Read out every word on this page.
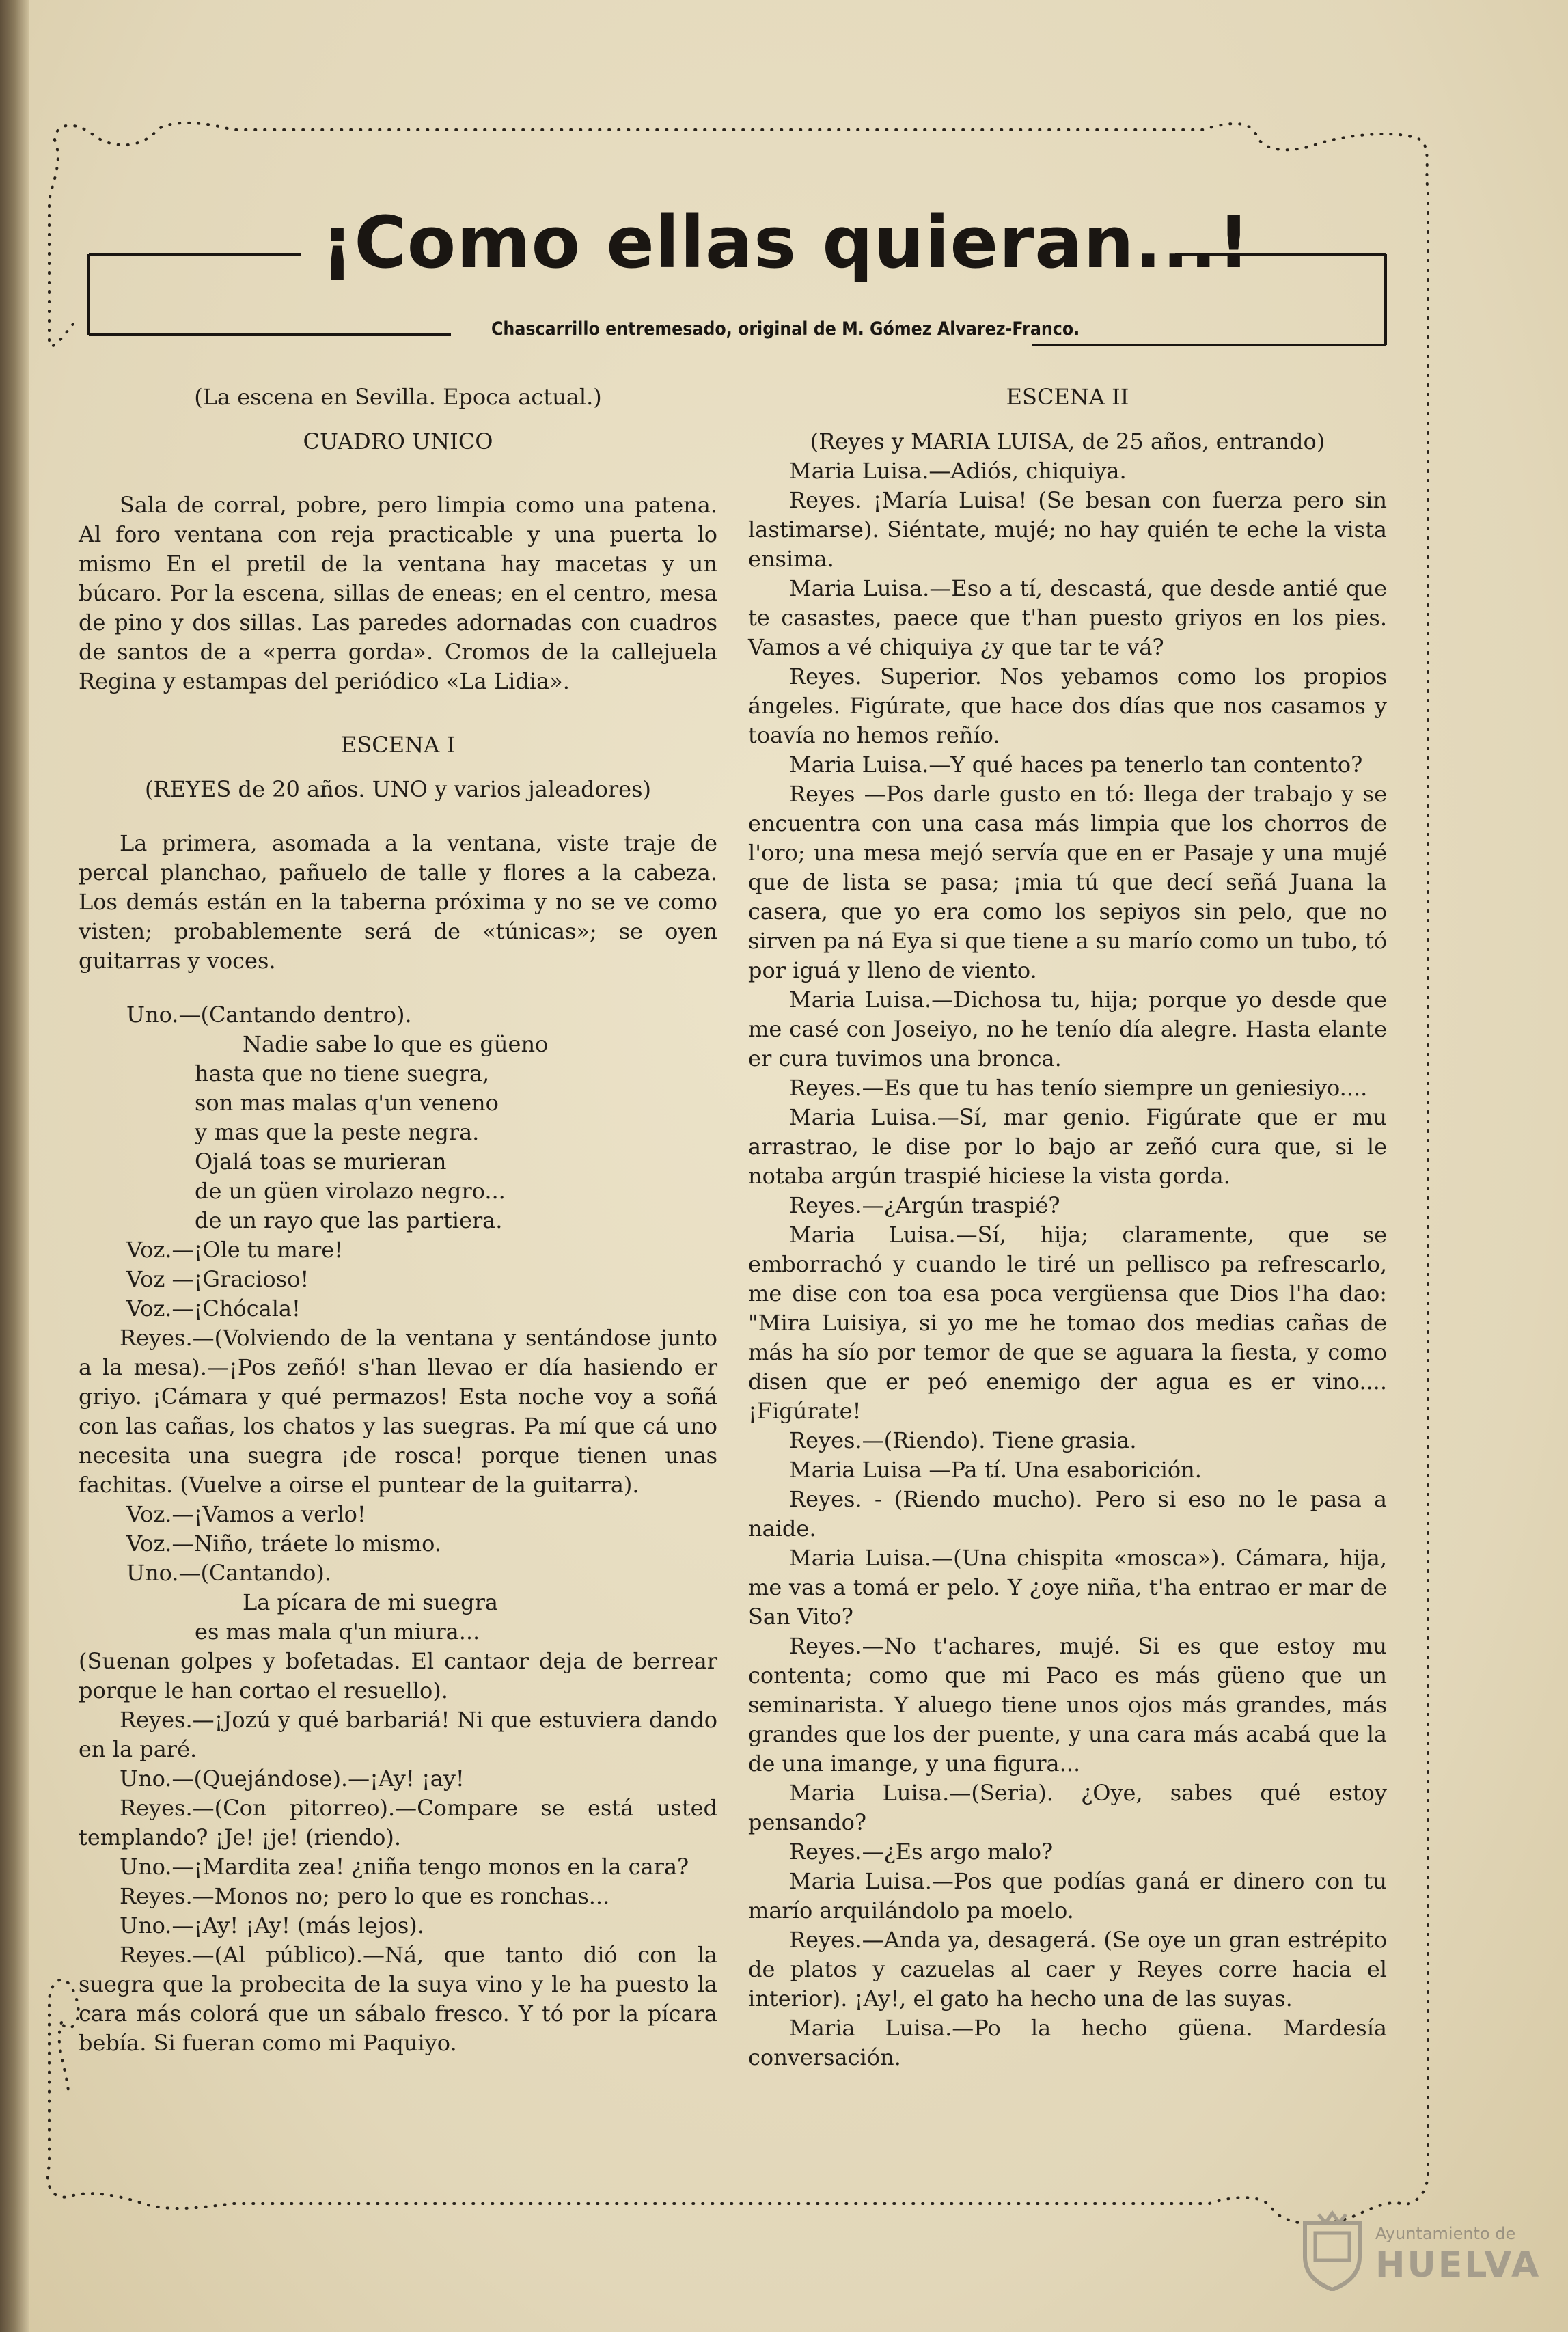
¡Como ellas quieran...!
Chascarrillo entremesado, original de M. Gómez Alvarez-Franco.

(La escena en Sevilla. Epoca actual.)

CUADRO UNICO

Sala de corral, pobre, pero limpia como una patena. Al foro ventana con reja practicable y una puerta lo mismo En el pretil de la ventana hay macetas y un búcaro. Por la escena, sillas de eneas; en el centro, mesa de pino y dos sillas. Las paredes adornadas con cuadros de santos de a «perra gorda». Cromos de la callejuela Regina y estampas del periódico «La Lidia».

ESCENA I

(REYES de 20 años. UNO y varios jaleadores)

La primera, asomada a la ventana, viste traje de percal planchao, pañuelo de talle y flores a la cabeza. Los demás están en la taberna próxima y no se ve como visten; probablemente será de «túnicas»; se oyen guitarras y voces.

Uno.—(Cantando dentro).

Nadie sabe lo que es güeno

hasta que no tiene suegra,

son mas malas q'un veneno

y mas que la peste negra.

Ojalá toas se murieran

de un güen virolazo negro...

de un rayo que las partiera.

Voz.—¡Ole tu mare!

Voz —¡Gracioso!

Voz.—¡Chócala!

Reyes.—(Volviendo de la ventana y sentándose junto a la mesa).—¡Pos zeñó! s'han llevao er día hasiendo er griyo. ¡Cámara y qué permazos! Esta noche voy a soñá con las cañas, los chatos y las suegras. Pa mí que cá uno necesita una suegra ¡de rosca! porque tienen unas fachitas. (Vuelve a oirse el puntear de la guitarra).

Voz.—¡Vamos a verlo!

Voz.—Niño, tráete lo mismo.

Uno.—(Cantando).

La pícara de mi suegra

es mas mala q'un miura...

(Suenan golpes y bofetadas. El cantaor deja de berrear porque le han cortao el resuello).

Reyes.—¡Jozú y qué barbariá! Ni que estuviera dando en la paré.

Uno.—(Quejándose).—¡Ay! ¡ay!

Reyes.—(Con pitorreo).—Compare se está usted templando? ¡Je! ¡je! (riendo).

Uno.—¡Mardita zea! ¿niña tengo monos en la cara?

Reyes.—Monos no; pero lo que es ronchas...

Uno.—¡Ay! ¡Ay! (más lejos).

Reyes.—(Al público).—Ná, que tanto dió con la suegra que la probecita de la suya vino y le ha puesto la cara más colorá que un sábalo fresco. Y tó por la pícara bebía. Si fueran como mi Paquiyo.

ESCENA II

(Reyes y MARIA LUISA, de 25 años, entrando)

Maria Luisa.—Adiós, chiquiya.

Reyes. ¡María Luisa! (Se besan con fuerza pero sin lastimarse). Siéntate, mujé; no hay quién te eche la vista ensima.

Maria Luisa.—Eso a tí, descastá, que desde antié que te casastes, paece que t'han puesto griyos en los pies. Vamos a vé chiquiya ¿y que tar te vá?

Reyes. Superior. Nos yebamos como los propios ángeles. Figúrate, que hace dos días que nos casamos y toavía no hemos reñío.

Maria Luisa.—Y qué haces pa tenerlo tan contento?

Reyes —Pos darle gusto en tó: llega der trabajo y se encuentra con una casa más limpia que los chorros de l'oro; una mesa mejó servía que en er Pasaje y una mujé que de lista se pasa; ¡mia tú que decí señá Juana la casera, que yo era como los sepiyos sin pelo, que no sirven pa ná Eya si que tiene a su marío como un tubo, tó por iguá y lleno de viento.

Maria Luisa.—Dichosa tu, hija; porque yo desde que me casé con Joseiyo, no he tenío día alegre. Hasta elante er cura tuvimos una bronca.

Reyes.—Es que tu has tenío siempre un geniesiyo....

Maria Luisa.—Sí, mar genio. Figúrate que er mu arrastrao, le dise por lo bajo ar zeñó cura que, si le notaba argún traspié hiciese la vista gorda.

Reyes.—¿Argún traspié?

Maria Luisa.—Sí, hija; claramente, que se emborrachó y cuando le tiré un pellisco pa refrescarlo, me dise con toa esa poca vergüensa que Dios l'ha dao: "Mira Luisiya, si yo me he tomao dos medias cañas de más ha sío por temor de que se aguara la fiesta, y como disen que er peó enemigo der agua es er vino.... ¡Figúrate!

Reyes.—(Riendo). Tiene grasia.

Maria Luisa —Pa tí. Una esaborición.

Reyes. - (Riendo mucho). Pero si eso no le pasa a naide.

Maria Luisa.—(Una chispita «mosca»). Cámara, hija, me vas a tomá er pelo. Y ¿oye niña, t'ha entrao er mar de San Vito?

Reyes.—No t'achares, mujé. Si es que estoy mu contenta; como que mi Paco es más güeno que un seminarista. Y aluego tiene unos ojos más grandes, más grandes que los der puente, y una cara más acabá que la de una imange, y una figura...

Maria Luisa.—(Seria). ¿Oye, sabes qué estoy pensando?

Reyes.—¿Es argo malo?

Maria Luisa.—Pos que podías ganá er dinero con tu marío arquilándolo pa moelo.

Reyes.—Anda ya, desagerá. (Se oye un gran estrépito de platos y cazuelas al caer y Reyes corre hacia el interior). ¡Ay!, el gato ha hecho una de las suyas.

Maria Luisa.—Po la hecho güena. Mardesía conversación.

Ayuntamiento de
HUELVA
